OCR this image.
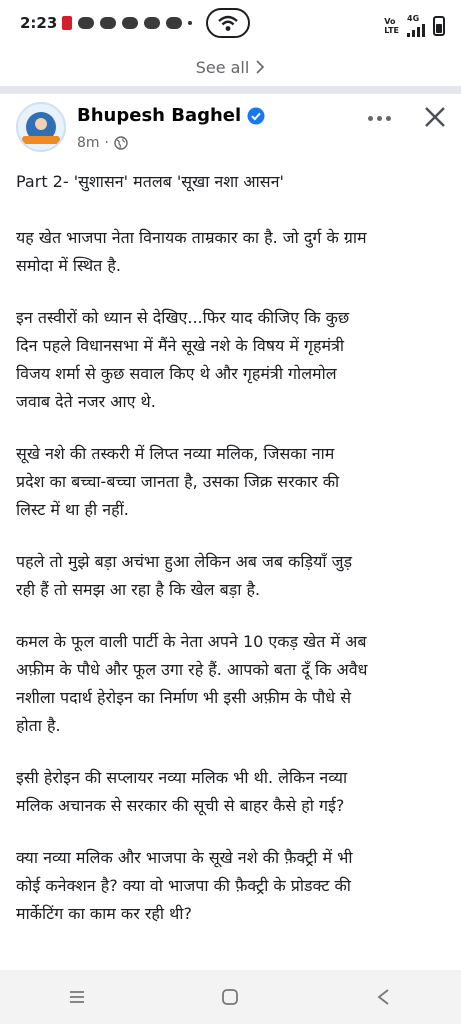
2:23	Vo
LTE
4G
See all
Bhupesh Baghel
8m ·
Part 2- 'सुशासन' मतलब 'सूखा नशा आसन'

यह खेत भाजपा नेता विनायक ताम्रकार का है. जो दुर्ग के ग्राम
समोदा में स्थित है.

इन तस्वीरों को ध्यान से देखिए...फिर याद कीजिए कि कुछ
दिन पहले विधानसभा में मैंने सूखे नशे के विषय में गृहमंत्री
विजय शर्मा से कुछ सवाल किए थे और गृहमंत्री गोलमोल
जवाब देते नजर आए थे.

सूखे नशे की तस्करी में लिप्त नव्या मलिक, जिसका नाम
प्रदेश का बच्चा-बच्चा जानता है, उसका जिक्र सरकार की
लिस्ट में था ही नहीं.

पहले तो मुझे बड़ा अचंभा हुआ लेकिन अब जब कड़ियाँ जुड़
रही हैं तो समझ आ रहा है कि खेल बड़ा है.

कमल के फूल वाली पार्टी के नेता अपने 10 एकड़ खेत में अब
अफ़ीम के पौधे और फूल उगा रहे हैं. आपको बता दूँ कि अवैध
नशीला पदार्थ हेरोइन का निर्माण भी इसी अफ़ीम के पौधे से
होता है.

इसी हेरोइन की सप्लायर नव्या मलिक भी थी. लेकिन नव्या
मलिक अचानक से सरकार की सूची से बाहर कैसे हो गई?

क्या नव्या मलिक और भाजपा के सूखे नशे की फ़ैक्ट्री में भी
कोई कनेक्शन है? क्या वो भाजपा की फ़ैक्ट्री के प्रोडक्ट की
मार्केटिंग का काम कर रही थी?
